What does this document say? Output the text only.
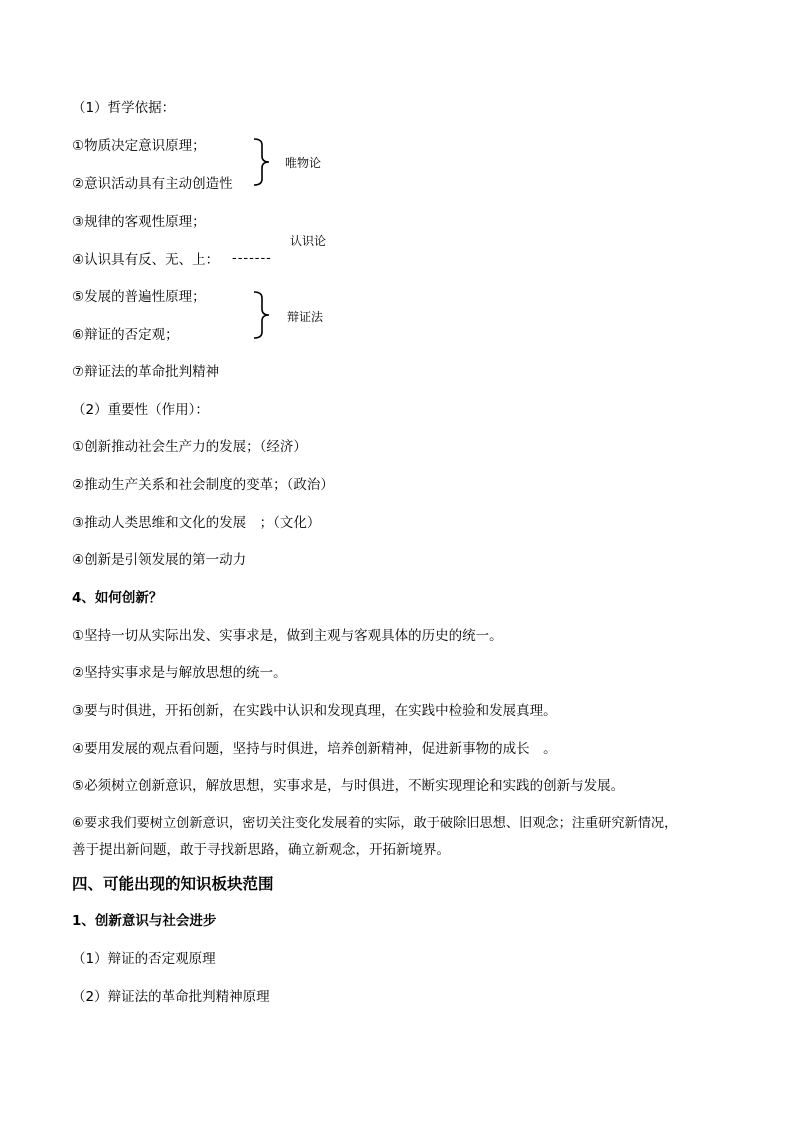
（1）哲学依据：
①物质决定意识原理；
②意识活动具有主动创造性
唯物论
③规律的客观性原理；
认识论
④认识具有反、无、上： -------
⑤发展的普遍性原理；
⑥辩证的否定观；
辩证法
⑦辩证法的革命批判精神
（2）重要性（作用）：
①创新推动社会生产力的发展；（经济）
②推动生产关系和社会制度的变革；（政治）
③推动人类思维和文化的发展　；（文化）
④创新是引领发展的第一动力
4、如何创新？
①坚持一切从实际出发、实事求是，做到主观与客观具体的历史的统一。
②坚持实事求是与解放思想的统一。
③要与时俱进，开拓创新，在实践中认识和发现真理，在实践中检验和发展真理。
④要用发展的观点看问题，坚持与时俱进，培养创新精神，促进新事物的成长　。
⑤必须树立创新意识，解放思想，实事求是，与时俱进，不断实现理论和实践的创新与发展。
⑥要求我们要树立创新意识，密切关注变化发展着的实际，敢于破除旧思想、旧观念；注重研究新情况，
善于提出新问题，敢于寻找新思路，确立新观念，开拓新境界。
四、可能出现的知识板块范围
1、创新意识与社会进步
（1）辩证的否定观原理
（2）辩证法的革命批判精神原理
